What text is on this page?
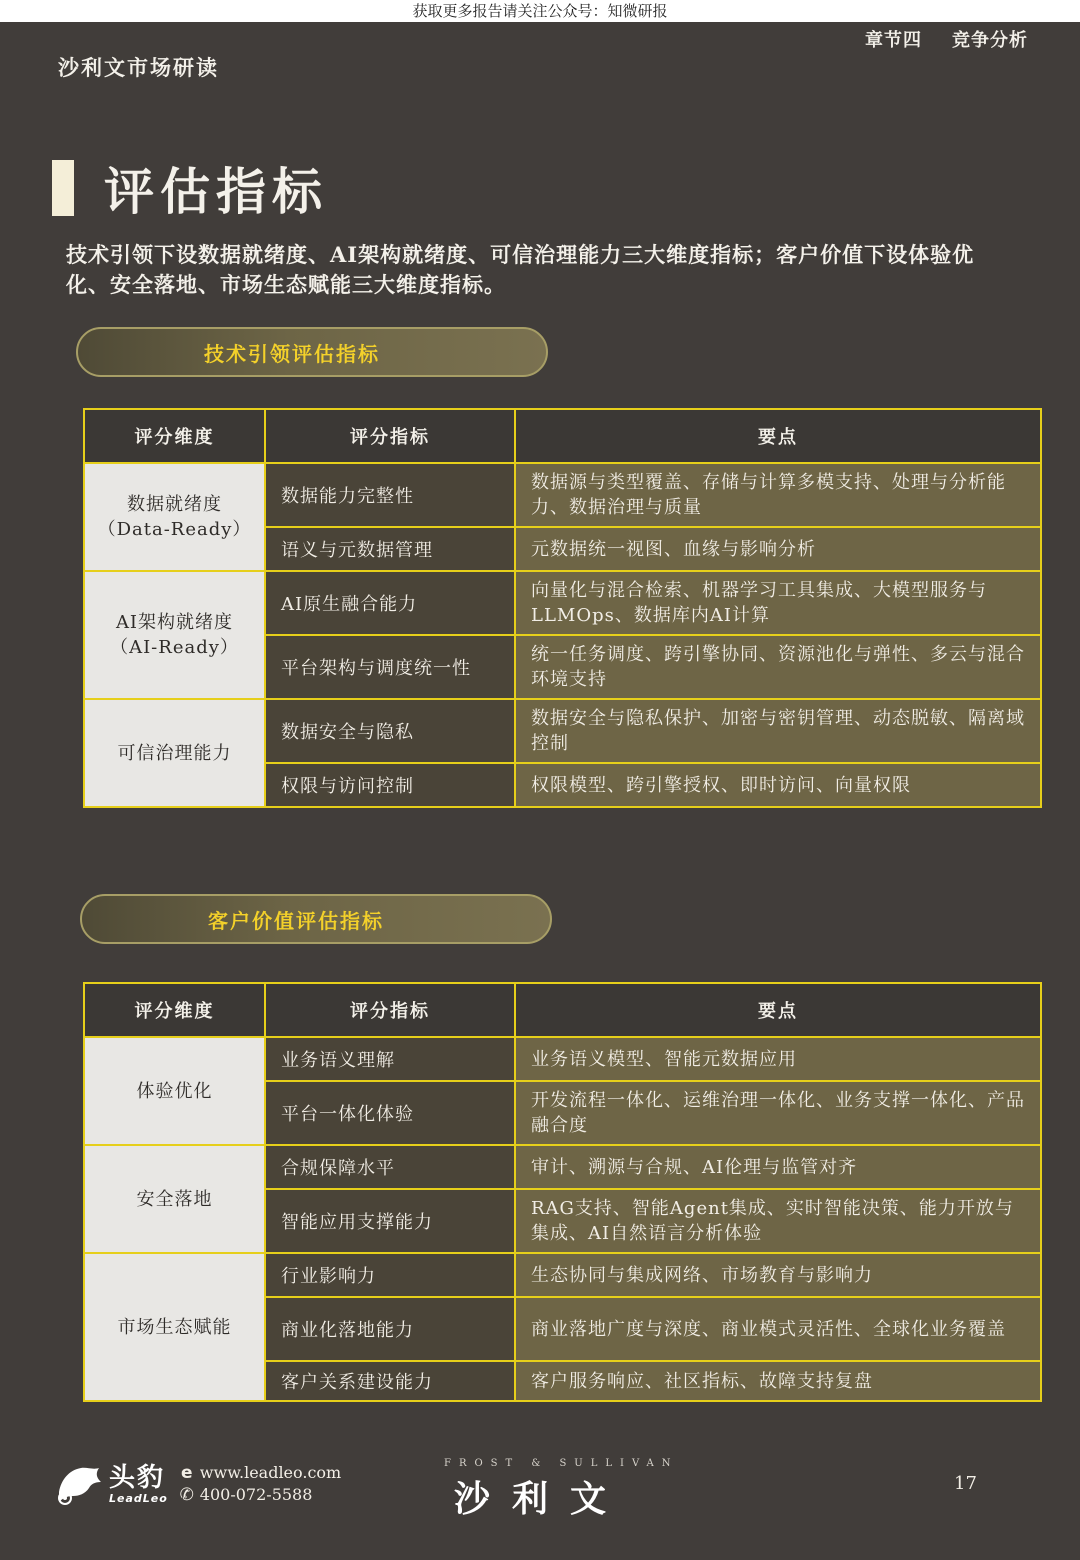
获取更多报告请关注公众号：知微研报
沙利文市场研读
章节四 竞争分析
评估指标
技术引领下设数据就绪度、AI架构就绪度、可信治理能力三大维度指标；客户价值下设体验优化、安全落地、市场生态赋能三大维度指标。
技术引领评估指标
评分维度	评分指标	要点
数据就绪度
（Data-Ready）	数据能力完整性	数据源与类型覆盖、存储与计算多模支持、处理与分析能力、数据治理与质量
	语义与元数据管理	元数据统一视图、血缘与影响分析
AI架构就绪度
（AI-Ready）	AI原生融合能力	向量化与混合检索、机器学习工具集成、大模型服务与LLMOps、数据库内AI计算
	平台架构与调度统一性	统一任务调度、跨引擎协同、资源池化与弹性、多云与混合环境支持
可信治理能力	数据安全与隐私	数据安全与隐私保护、加密与密钥管理、动态脱敏、隔离域控制
	权限与访问控制	权限模型、跨引擎授权、即时访问、向量权限
客户价值评估指标
评分维度	评分指标	要点
体验优化	业务语义理解	业务语义模型、智能元数据应用
	平台一体化体验	开发流程一体化、运维治理一体化、业务支撑一体化、产品融合度
安全落地	合规保障水平	审计、溯源与合规、AI伦理与监管对齐
	智能应用支撑能力	RAG支持、智能Agent集成、实时智能决策、能力开放与集成、AI自然语言分析体验
市场生态赋能	行业影响力	生态协同与集成网络、市场教育与影响力
	商业化落地能力	商业落地广度与深度、商业模式灵活性、全球化业务覆盖
	客户关系建设能力	客户服务响应、社区指标、故障支持复盘
头豹
LeadLeo
e www.leadleo.com
✆ 400-072-5588
FROST & SULLIVAN
沙利文	17
